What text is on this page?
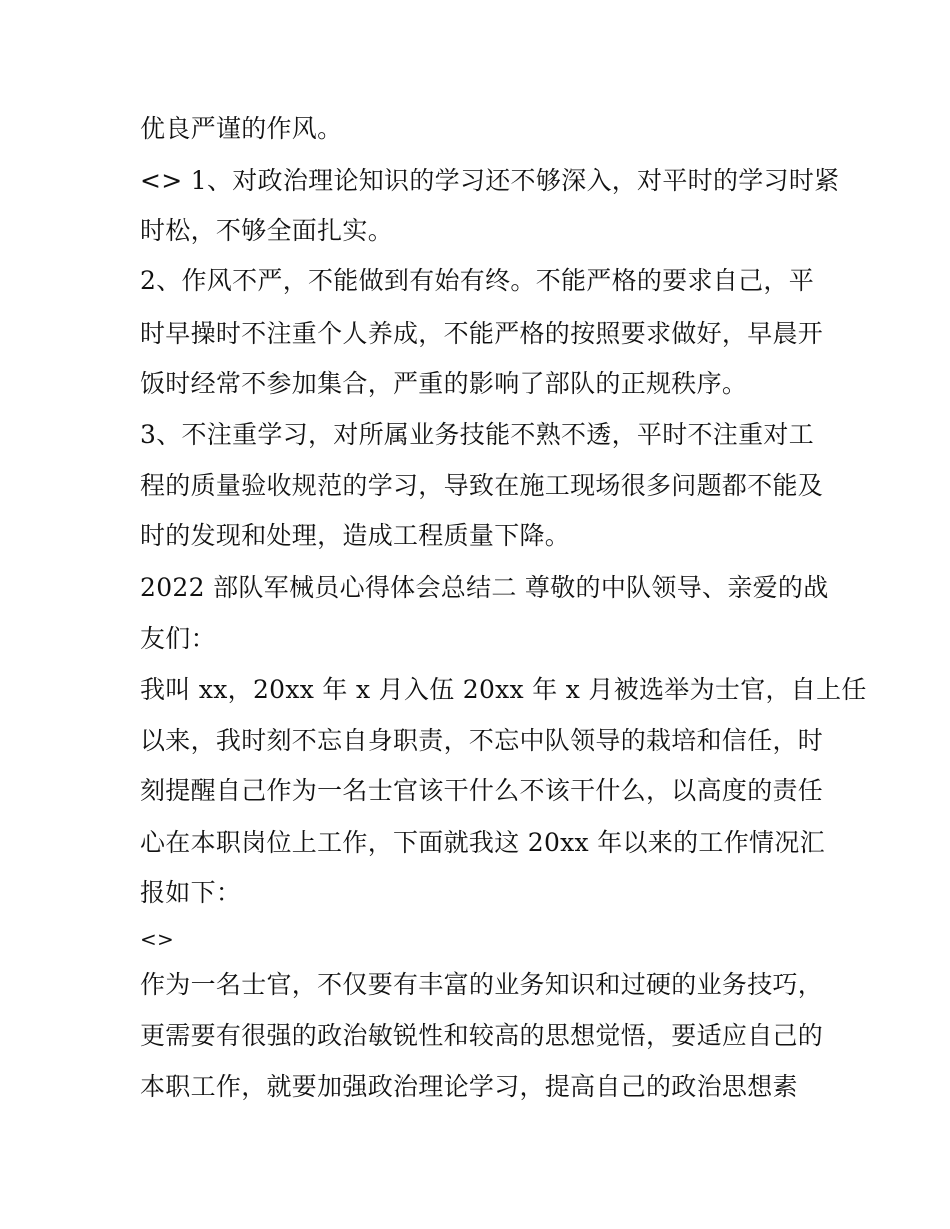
优良严谨的作风。
<> 1、对政治理论知识的学习还不够深入，对平时的学习时紧
时松，不够全面扎实。
2、作风不严，不能做到有始有终。不能严格的要求自己，平
时早操时不注重个人养成，不能严格的按照要求做好，早晨开
饭时经常不参加集合，严重的影响了部队的正规秩序。
3、不注重学习，对所属业务技能不熟不透，平时不注重对工
程的质量验收规范的学习，导致在施工现场很多问题都不能及
时的发现和处理，造成工程质量下降。
2022 部队军械员心得体会总结二 尊敬的中队领导、亲爱的战
友们：
我叫 xx，20xx 年 x 月入伍 20xx 年 x 月被选举为士官，自上任
以来，我时刻不忘自身职责，不忘中队领导的栽培和信任，时
刻提醒自己作为一名士官该干什么不该干什么，以高度的责任
心在本职岗位上工作，下面就我这 20xx 年以来的工作情况汇
报如下：
<>
作为一名士官，不仅要有丰富的业务知识和过硬的业务技巧，
更需要有很强的政治敏锐性和较高的思想觉悟，要适应自己的
本职工作，就要加强政治理论学习，提高自己的政治思想素
